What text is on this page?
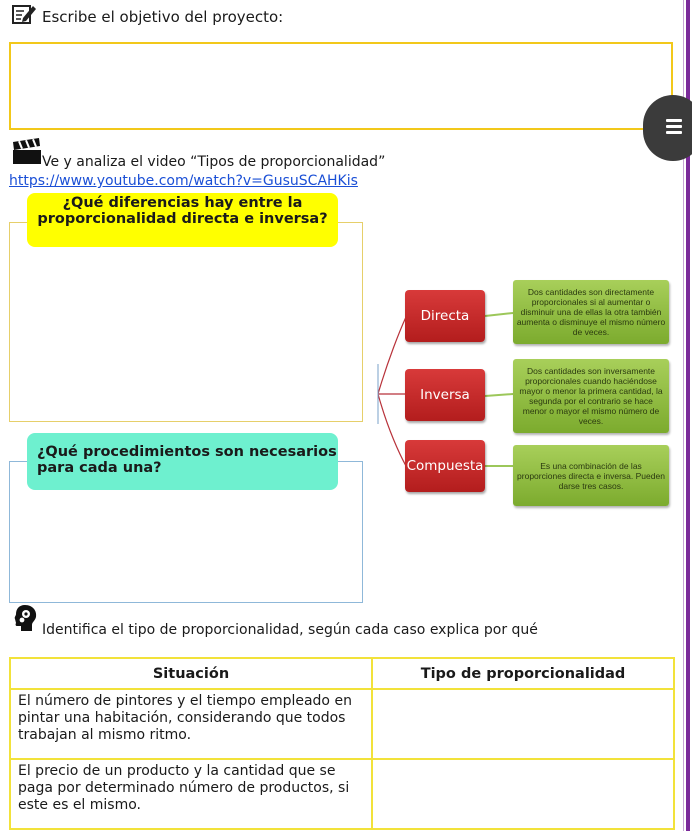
Escribe el objetivo del proyecto:
Ve y analiza el video “Tipos de proporcionalidad”
https://www.youtube.com/watch?v=GusuSCAHKis
¿Qué diferencias hay entre la proporcionalidad directa e inversa?
¿Qué procedimientos son necesarios para cada una?
Directa
Inversa
Compuesta
Dos cantidades son directamente proporcionales si al aumentar o disminuir una de ellas la otra también aumenta o disminuye el mismo número de veces.
Dos cantidades son inversamente proporcionales cuando haciéndose mayor o menor la primera cantidad, la segunda por el contrario se hace menor o mayor el mismo número de veces.
Es una combinación de las proporciones directa e inversa. Pueden darse tres casos.
Identifica el tipo de proporcionalidad, según cada caso explica por qué
Situación	Tipo de proporcionalidad
El número de pintores y el tiempo empleado en pintar una habitación, considerando que todos trabajan al mismo ritmo.	
El precio de un producto y la cantidad que se paga por determinado número de productos, si este es el mismo.	
